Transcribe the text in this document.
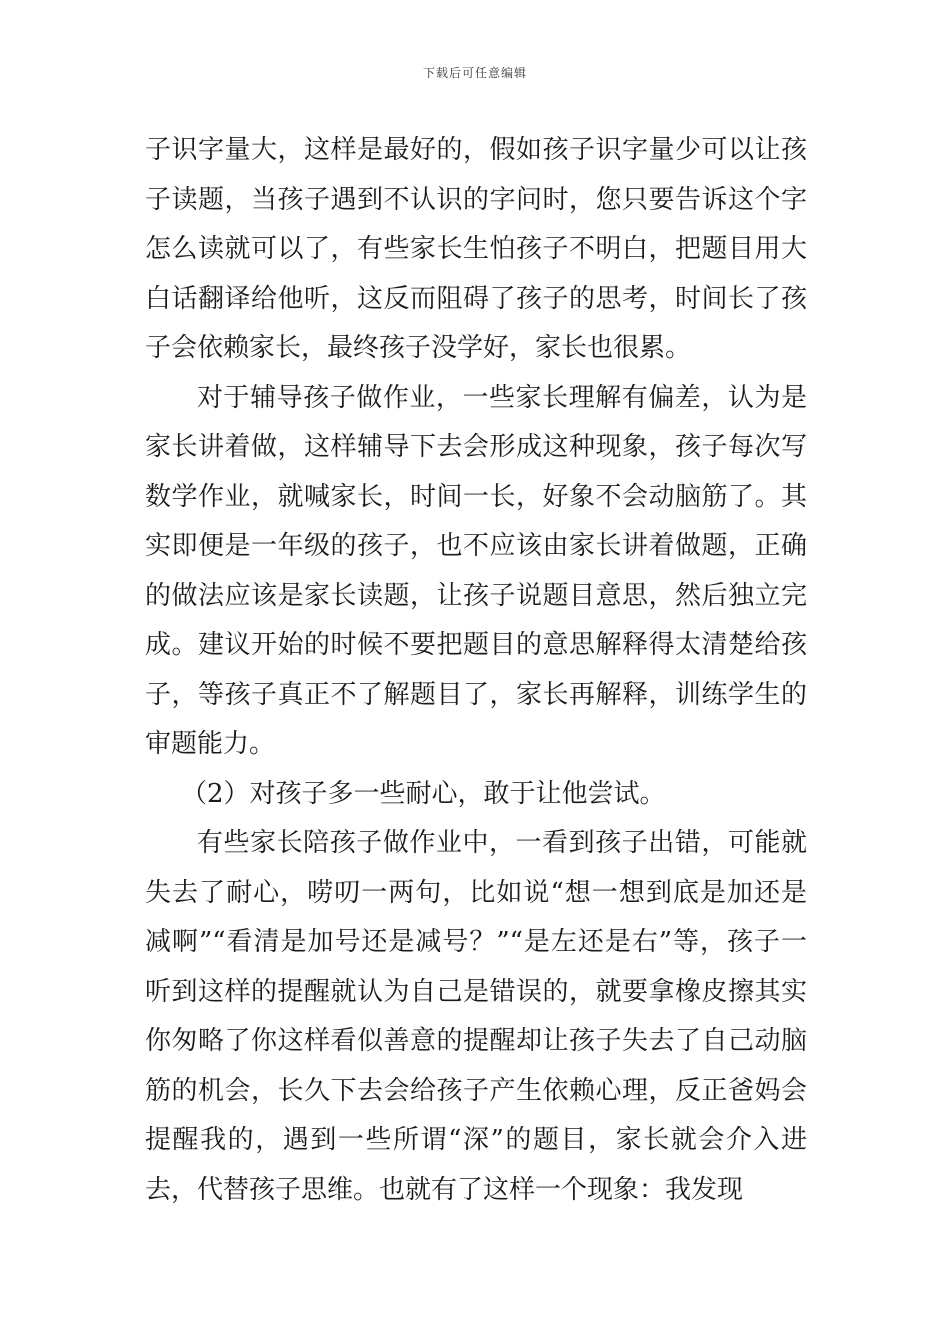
下载后可任意编辑

子识字量大，这样是最好的，假如孩子识字量少可以让孩子读题，当孩子遇到不认识的字问时，您只要告诉这个字怎么读就可以了，有些家长生怕孩子不明白，把题目用大白话翻译给他听，这反而阻碍了孩子的思考，时间长了孩子会依赖家长，最终孩子没学好，家长也很累。

对于辅导孩子做作业，一些家长理解有偏差，认为是家长讲着做，这样辅导下去会形成这种现象，孩子每次写数学作业，就喊家长，时间一长，好象不会动脑筋了。其实即便是一年级的孩子，也不应该由家长讲着做题，正确的做法应该是家长读题，让孩子说题目意思，然后独立完成。建议开始的时候不要把题目的意思解释得太清楚给孩子，等孩子真正不了解题目了，家长再解释，训练学生的审题能力。

（2）对孩子多一些耐心，敢于让他尝试。

有些家长陪孩子做作业中，一看到孩子出错，可能就失去了耐心，唠叨一两句，比如说“想一想到底是加还是减啊”“看清是加号还是减号？”“是左还是右”等，孩子一听到这样的提醒就认为自己是错误的，就要拿橡皮擦其实你匆略了你这样看似善意的提醒却让孩子失去了自己动脑筋的机会，长久下去会给孩子产生依赖心理，反正爸妈会提醒我的，遇到一些所谓“深”的题目，家长就会介入进去，代替孩子思维。也就有了这样一个现象：我发现
